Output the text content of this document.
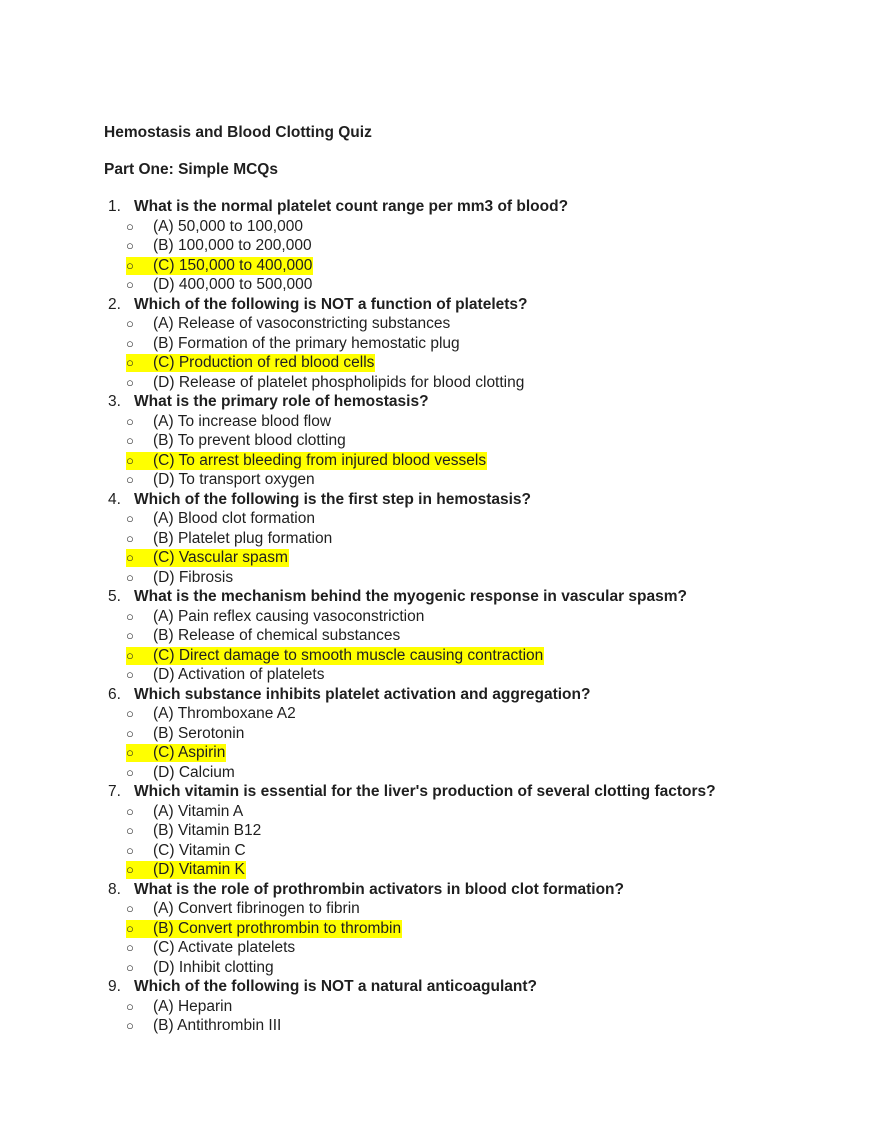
Hemostasis and Blood Clotting Quiz
Part One: Simple MCQs
1. What is the normal platelet count range per mm3 of blood?
○ (A) 50,000 to 100,000
○ (B) 100,000 to 200,000
○ (C) 150,000 to 400,000
○ (D) 400,000 to 500,000
2. Which of the following is NOT a function of platelets?
○ (A) Release of vasoconstricting substances
○ (B) Formation of the primary hemostatic plug
○ (C) Production of red blood cells
○ (D) Release of platelet phospholipids for blood clotting
3. What is the primary role of hemostasis?
○ (A) To increase blood flow
○ (B) To prevent blood clotting
○ (C) To arrest bleeding from injured blood vessels
○ (D) To transport oxygen
4. Which of the following is the first step in hemostasis?
○ (A) Blood clot formation
○ (B) Platelet plug formation
○ (C) Vascular spasm
○ (D) Fibrosis
5. What is the mechanism behind the myogenic response in vascular spasm?
○ (A) Pain reflex causing vasoconstriction
○ (B) Release of chemical substances
○ (C) Direct damage to smooth muscle causing contraction
○ (D) Activation of platelets
6. Which substance inhibits platelet activation and aggregation?
○ (A) Thromboxane A2
○ (B) Serotonin
○ (C) Aspirin
○ (D) Calcium
7. Which vitamin is essential for the liver's production of several clotting factors?
○ (A) Vitamin A
○ (B) Vitamin B12
○ (C) Vitamin C
○ (D) Vitamin K
8. What is the role of prothrombin activators in blood clot formation?
○ (A) Convert fibrinogen to fibrin
○ (B) Convert prothrombin to thrombin
○ (C) Activate platelets
○ (D) Inhibit clotting
9. Which of the following is NOT a natural anticoagulant?
○ (A) Heparin
○ (B) Antithrombin III
